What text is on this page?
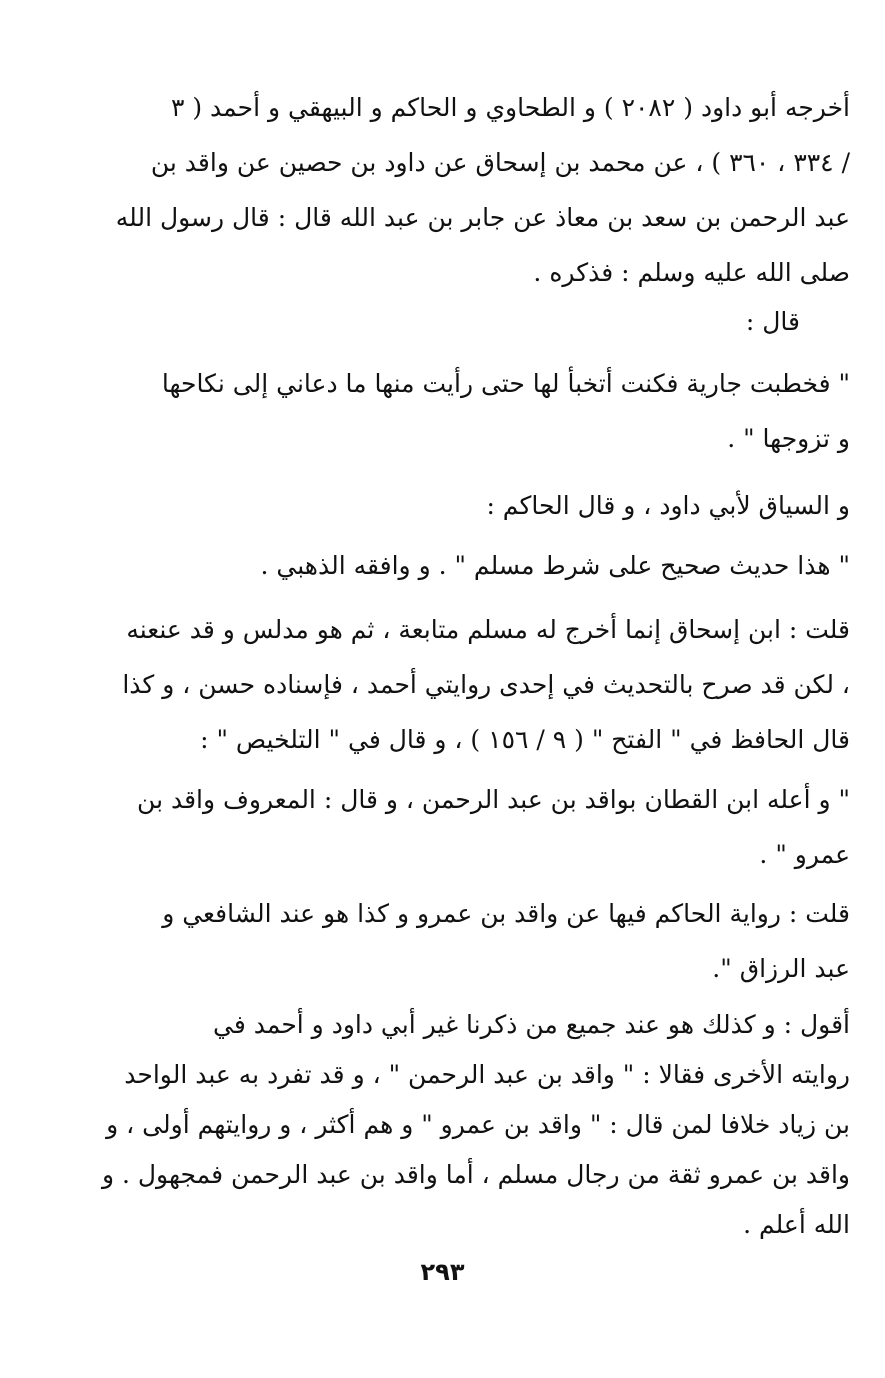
أخرجه أبو داود ( ٢٠٨٢ ) و الطحاوي و الحاكم و البيهقي و أحمد ( ٣
/ ٣٣٤ ، ٣٦٠ ) ، عن محمد بن إسحاق عن داود بن حصين عن واقد بن
عبد الرحمن بن سعد بن معاذ عن جابر بن عبد الله قال : قال رسول الله
صلى الله عليه وسلم : فذكره .
قال :
" فخطبت جارية فكنت أتخبأ لها حتى رأيت منها ما دعاني إلى نكاحها
و تزوجها " .
و السياق لأبي داود ، و قال الحاكم :
" هذا حديث صحيح على شرط مسلم " . و وافقه الذهبي .
قلت : ابن إسحاق إنما أخرج له مسلم متابعة ، ثم هو مدلس و قد عنعنه
، لكن قد صرح بالتحديث في إحدى روايتي أحمد ، فإسناده حسن ، و كذا
قال الحافظ في " الفتح " ( ٩ / ١٥٦ ) ، و قال في " التلخيص " :
" و أعله ابن القطان بواقد بن عبد الرحمن ، و قال : المعروف واقد بن
عمرو " .
قلت : رواية الحاكم فيها عن واقد بن عمرو و كذا هو عند الشافعي و
عبد الرزاق ".
أقول : و كذلك هو عند جميع من ذكرنا غير أبي داود و أحمد في
روايته الأخرى فقالا : " واقد بن عبد الرحمن " ، و قد تفرد به عبد الواحد
بن زياد خلافا لمن قال : " واقد بن عمرو " و هم أكثر ، و روايتهم أولى ، و
واقد بن عمرو ثقة من رجال مسلم ، أما واقد بن عبد الرحمن فمجهول . و
الله أعلم .
٢٩٣
